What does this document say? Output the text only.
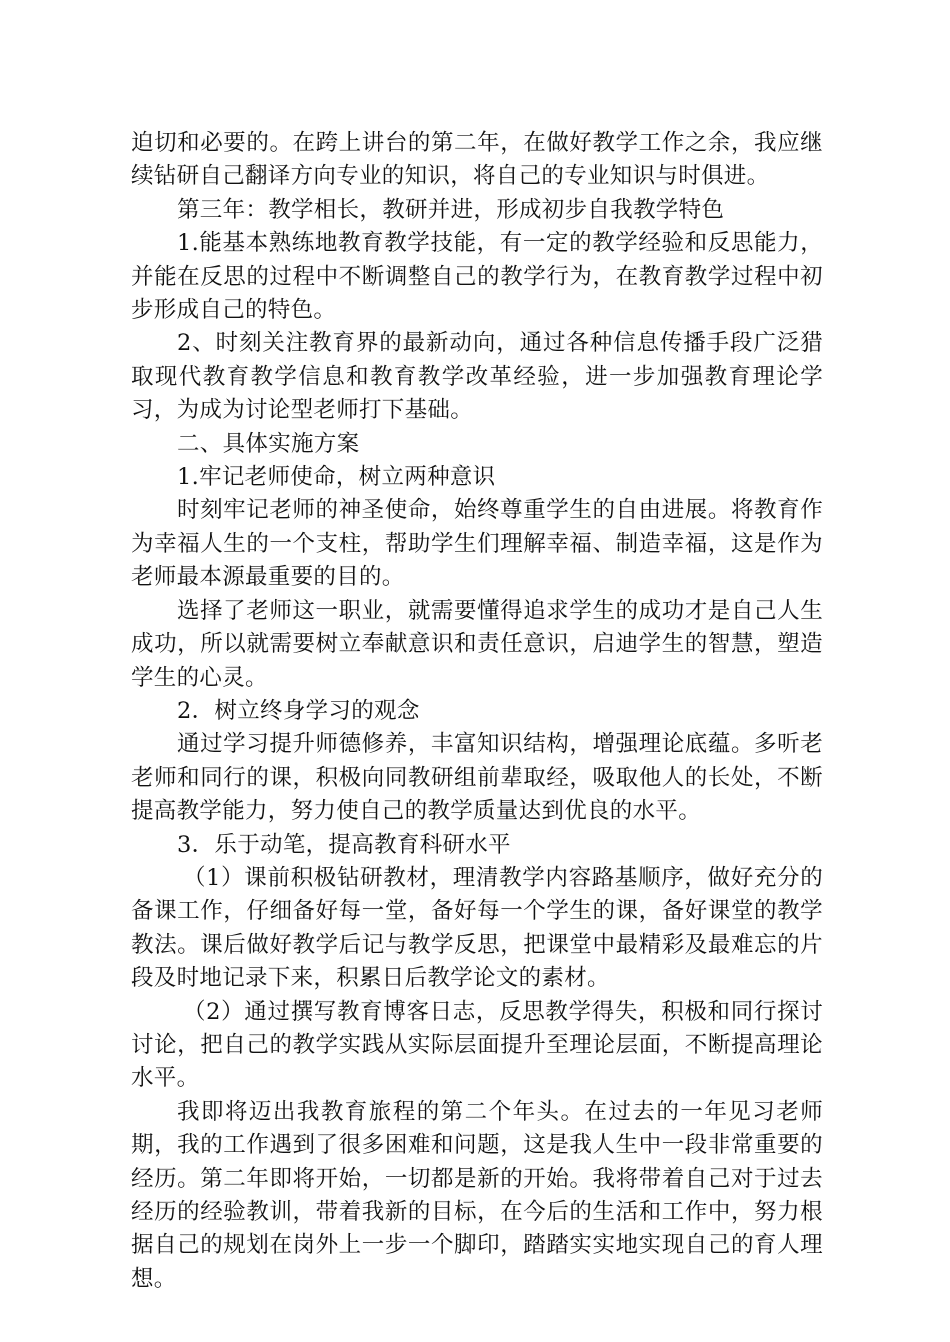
迫切和必要的。在跨上讲台的第二年，在做好教学工作之余，我应继续钻研自己翻译方向专业的知识，将自己的专业知识与时俱进。

第三年：教学相长，教研并进，形成初步自我教学特色

1.能基本熟练地教育教学技能，有一定的教学经验和反思能力，并能在反思的过程中不断调整自己的教学行为，在教育教学过程中初步形成自己的特色。

2、时刻关注教育界的最新动向，通过各种信息传播手段广泛猎取现代教育教学信息和教育教学改革经验，进一步加强教育理论学习，为成为讨论型老师打下基础。

二、具体实施方案

1.牢记老师使命，树立两种意识

时刻牢记老师的神圣使命，始终尊重学生的自由进展。将教育作为幸福人生的一个支柱，帮助学生们理解幸福、制造幸福，这是作为老师最本源最重要的目的。

选择了老师这一职业，就需要懂得追求学生的成功才是自己人生成功，所以就需要树立奉献意识和责任意识，启迪学生的智慧，塑造学生的心灵。

2．树立终身学习的观念

通过学习提升师德修养，丰富知识结构，增强理论底蕴。多听老老师和同行的课，积极向同教研组前辈取经，吸取他人的长处，不断提高教学能力，努力使自己的教学质量达到优良的水平。

3．乐于动笔，提高教育科研水平

（1）课前积极钻研教材，理清教学内容路基顺序，做好充分的备课工作，仔细备好每一堂，备好每一个学生的课，备好课堂的教学教法。课后做好教学后记与教学反思，把课堂中最精彩及最难忘的片段及时地记录下来，积累日后教学论文的素材。

（2）通过撰写教育博客日志，反思教学得失，积极和同行探讨讨论，把自己的教学实践从实际层面提升至理论层面，不断提高理论水平。

我即将迈出我教育旅程的第二个年头。在过去的一年见习老师期，我的工作遇到了很多困难和问题，这是我人生中一段非常重要的经历。第二年即将开始，一切都是新的开始。我将带着自己对于过去经历的经验教训，带着我新的目标，在今后的生活和工作中，努力根据自己的规划在岗外上一步一个脚印，踏踏实实地实现自己的育人理想。
